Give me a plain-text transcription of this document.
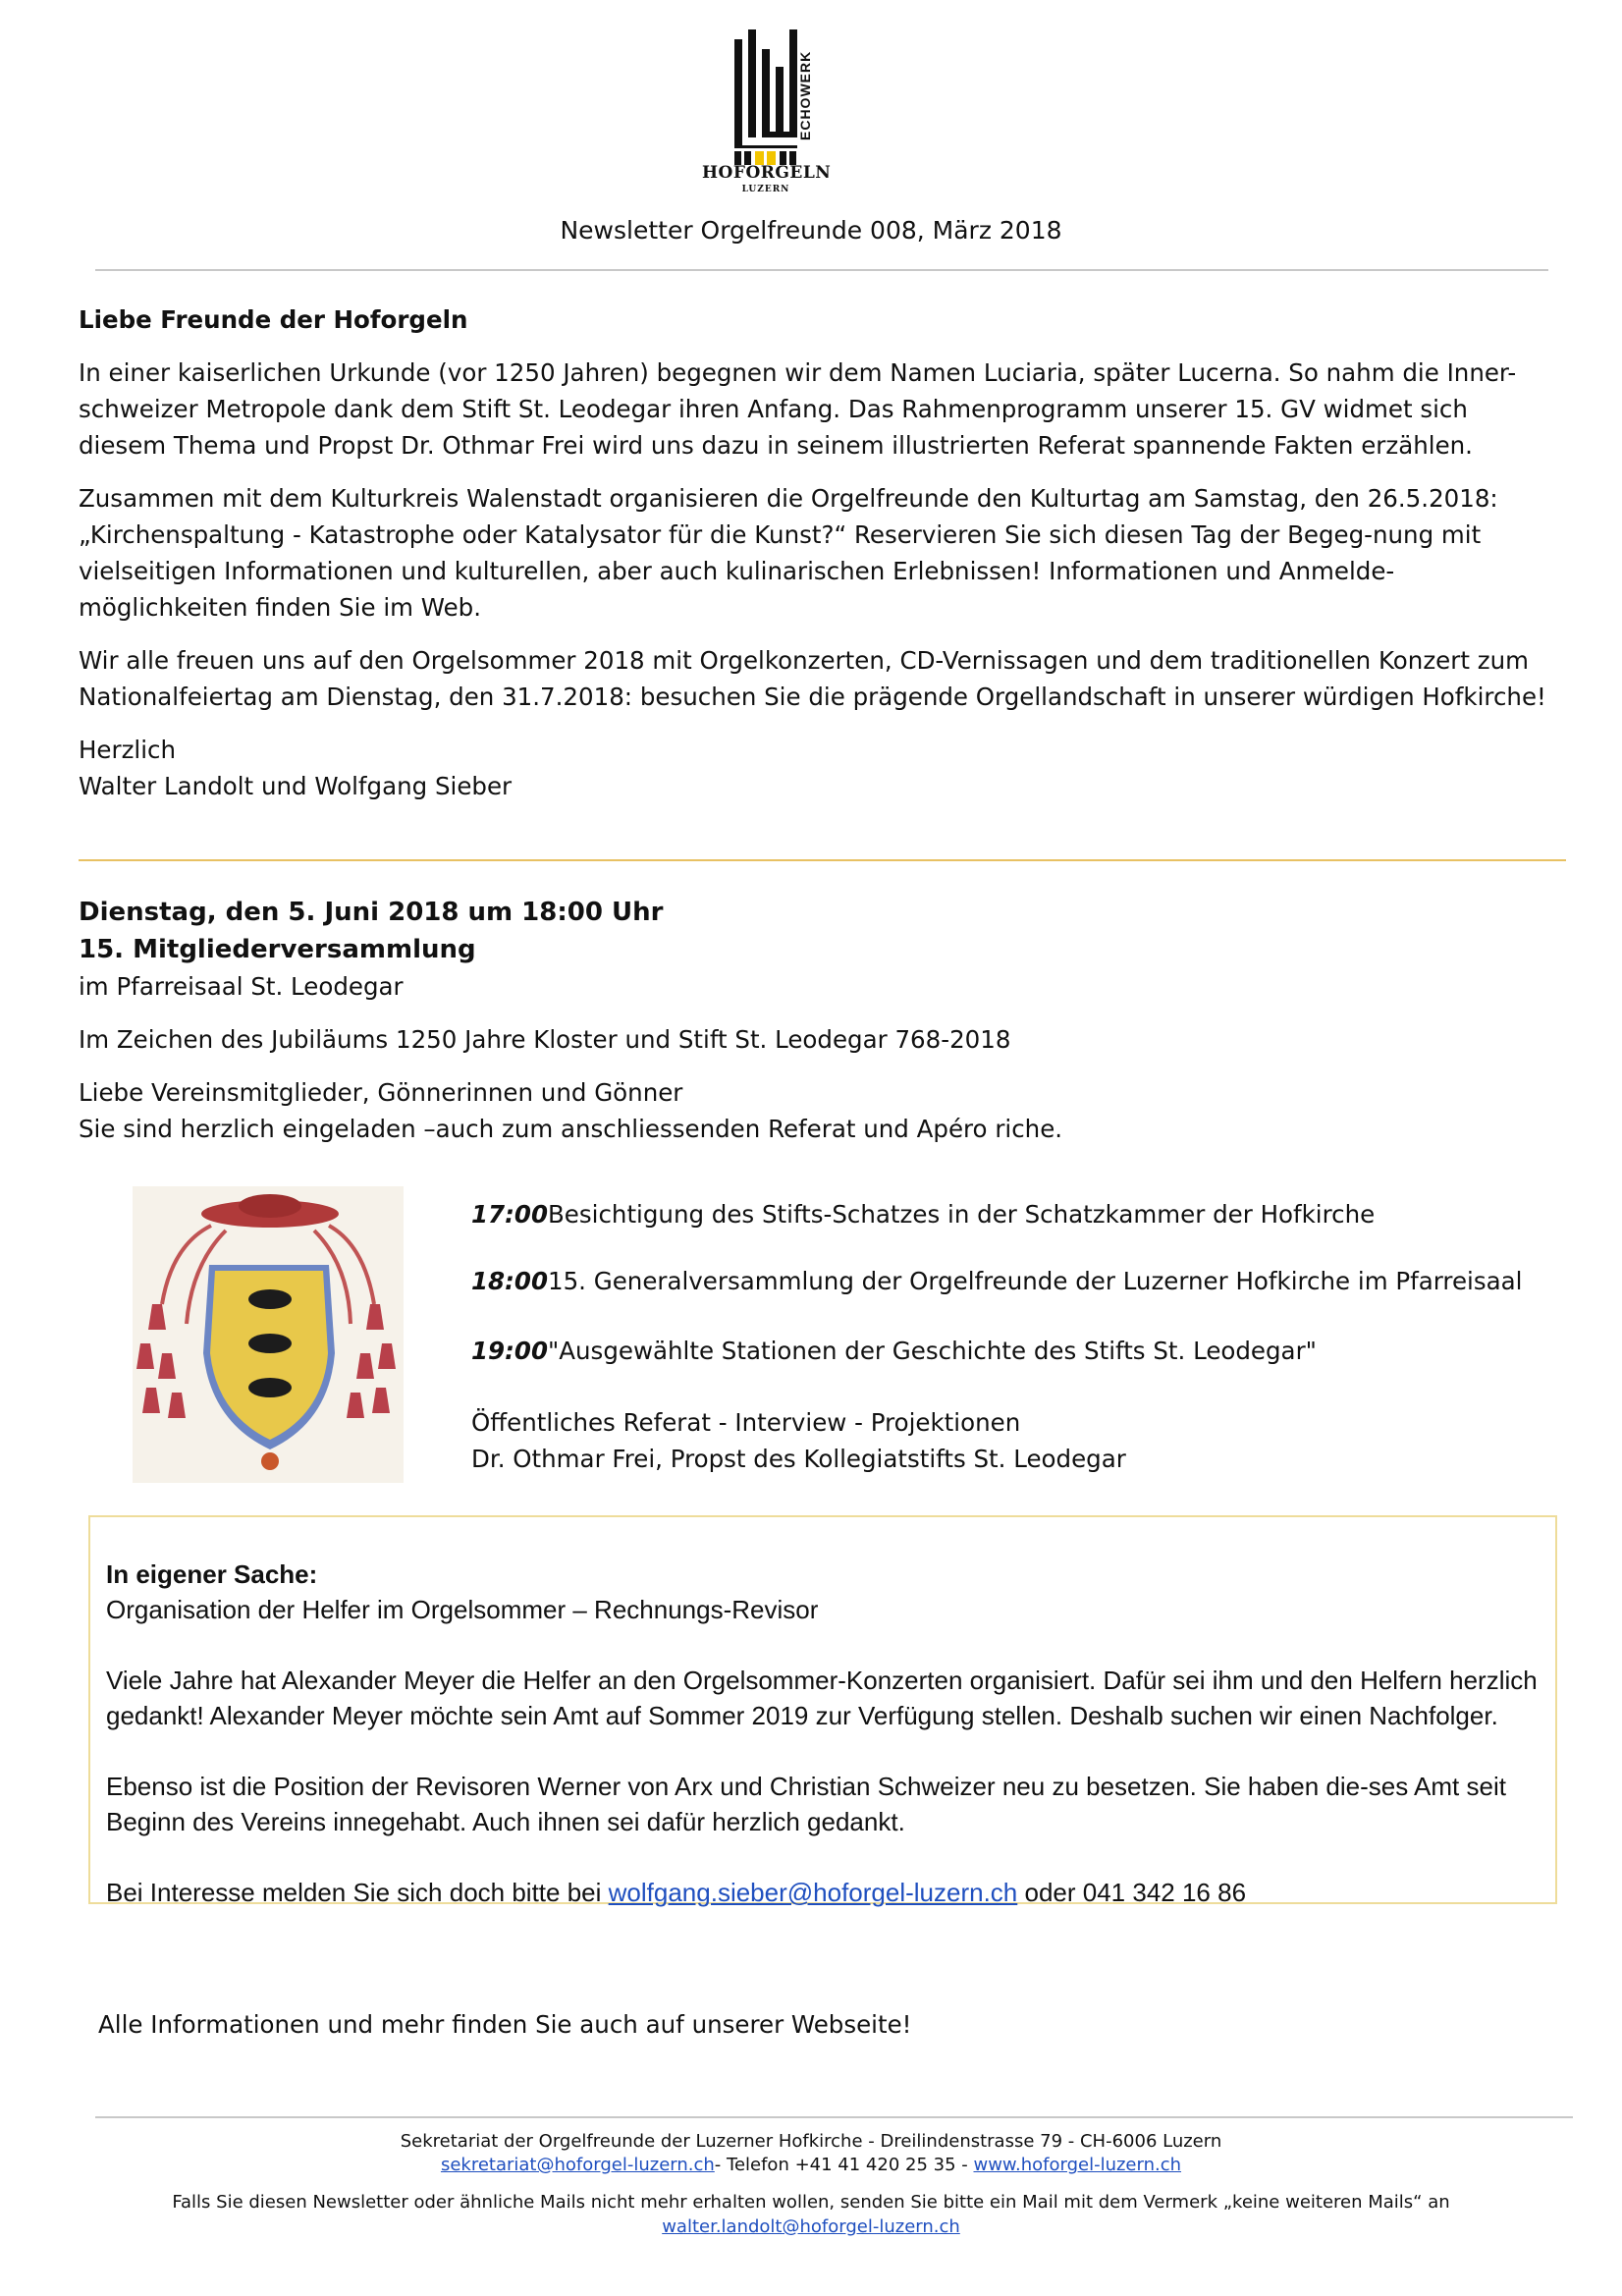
ECHOWERK
HOFORGELN
LUZERN
Newsletter Orgelfreunde 008, März 2018

Liebe Freunde der Hoforgeln

In einer kaiserlichen Urkunde (vor 1250 Jahren) begegnen wir dem Namen Luciaria, später Lucerna. So nahm die Inner-schweizer Metropole dank dem Stift St. Leodegar ihren Anfang. Das Rahmenprogramm unserer 15. GV widmet sich diesem Thema und Propst Dr. Othmar Frei wird uns dazu in seinem illustrierten Referat spannende Fakten erzählen.

Zusammen mit dem Kulturkreis Walenstadt organisieren die Orgelfreunde den Kulturtag am Samstag, den 26.5.2018: „Kirchenspaltung - Katastrophe oder Katalysator für die Kunst?“ Reservieren Sie sich diesen Tag der Begeg-nung mit vielseitigen Informationen und kulturellen, aber auch kulinarischen Erlebnissen! Informationen und Anmelde-möglichkeiten finden Sie im Web.

Wir alle freuen uns auf den Orgelsommer 2018 mit Orgelkonzerten, CD-Vernissagen und dem traditionellen Konzert zum Nationalfeiertag am Dienstag, den 31.7.2018: besuchen Sie die prägende Orgellandschaft in unserer würdigen Hofkirche!

Herzlich

Walter Landolt und Wolfgang Sieber

Dienstag, den 5. Juni 2018 um 18:00 Uhr

15. Mitgliederversammlung

im Pfarreisaal St. Leodegar

Im Zeichen des Jubiläums 1250 Jahre Kloster und Stift St. Leodegar 768-2018

Liebe Vereinsmitglieder, Gönnerinnen und Gönner

Sie sind herzlich eingeladen –auch zum anschliessenden Referat und Apéro riche.

17:00Besichtigung des Stifts-Schatzes in der Schatzkammer der Hofkirche

18:0015. Generalversammlung der Orgelfreunde der Luzerner Hofkirche im Pfarreisaal

19:00"Ausgewählte Stationen der Geschichte des Stifts St. Leodegar"

Öffentliches Referat - Interview - Projektionen

Dr. Othmar Frei, Propst des Kollegiatstifts St. Leodegar

In eigener Sache:

Organisation der Helfer im Orgelsommer – Rechnungs-Revisor

Viele Jahre hat Alexander Meyer die Helfer an den Orgelsommer-Konzerten organisiert. Dafür sei ihm und den Helfern herzlich gedankt! Alexander Meyer möchte sein Amt auf Sommer 2019 zur Verfügung stellen. Deshalb suchen wir einen Nachfolger.

Ebenso ist die Position der Revisoren Werner von Arx und Christian Schweizer neu zu besetzen. Sie haben die-ses Amt seit Beginn des Vereins innegehabt. Auch ihnen sei dafür herzlich gedankt.

Bei Interesse melden Sie sich doch bitte bei wolfgang.sieber@hoforgel-luzern.ch oder 041 342 16 86

Alle Informationen und mehr finden Sie auch auf unserer Webseite!
Sekretariat der Orgelfreunde der Luzerner Hofkirche - Dreilindenstrasse 79 - CH-6006 Luzern
sekretariat@hoforgel-luzern.ch- Telefon +41 41 420 25 35 - www.hoforgel-luzern.ch
Falls Sie diesen Newsletter oder ähnliche Mails nicht mehr erhalten wollen, senden Sie bitte ein Mail mit dem Vermerk „keine weiteren Mails“ an
walter.landolt@hoforgel-luzern.ch
